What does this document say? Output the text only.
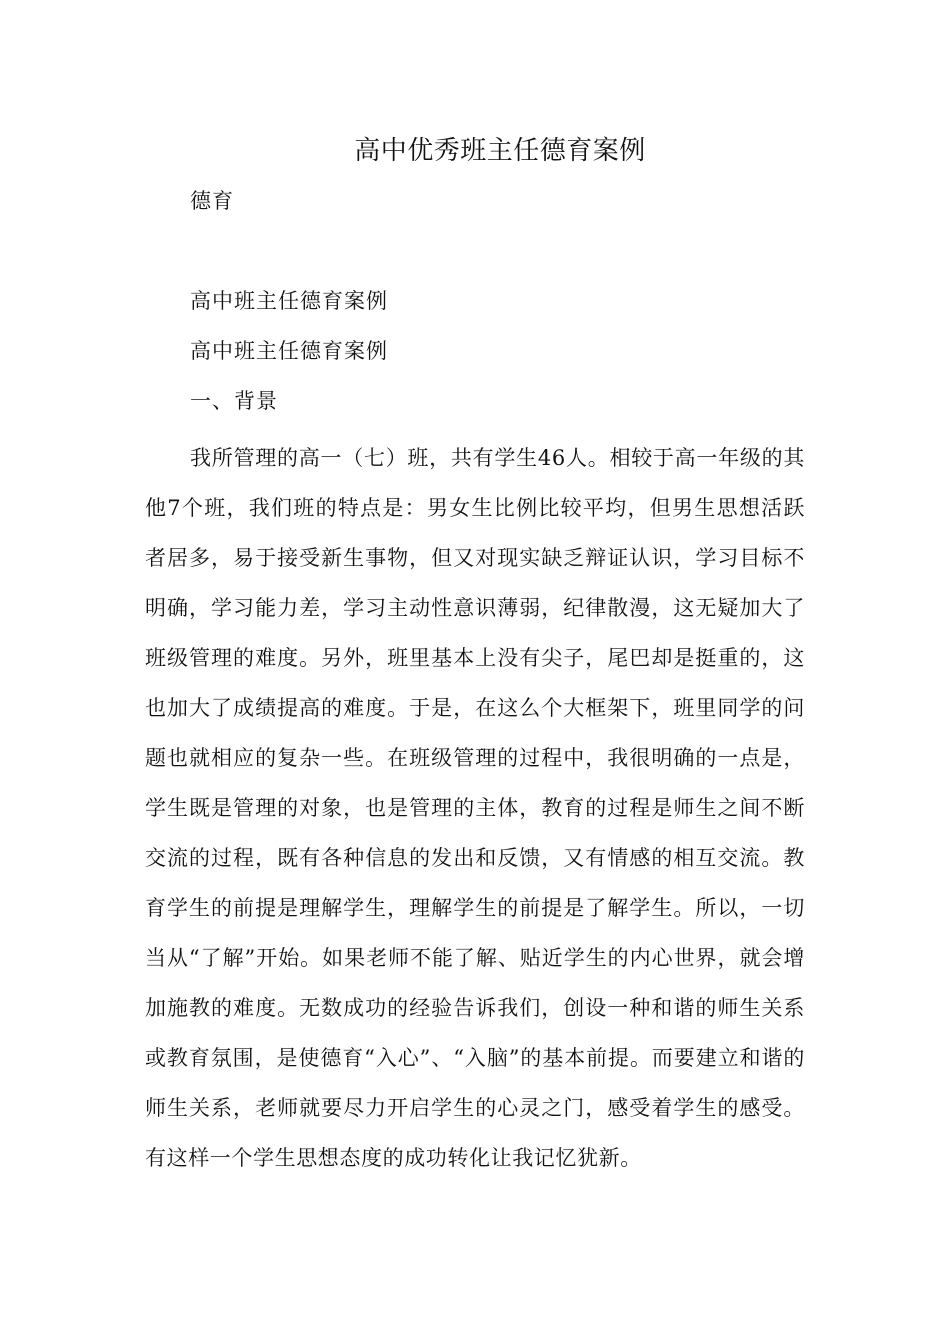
高中优秀班主任德育案例

德育

高中班主任德育案例

高中班主任德育案例

一、背景

我所管理的高一（七）班，共有学生46人。相较于高一年级的其他7个班，我们班的特点是：男女生比例比较平均，但男生思想活跃者居多，易于接受新生事物，但又对现实缺乏辩证认识，学习目标不明确，学习能力差，学习主动性意识薄弱，纪律散漫，这无疑加大了班级管理的难度。另外，班里基本上没有尖子，尾巴却是挺重的，这也加大了成绩提高的难度。于是，在这么个大框架下，班里同学的问题也就相应的复杂一些。在班级管理的过程中，我很明确的一点是，学生既是管理的对象，也是管理的主体，教育的过程是师生之间不断交流的过程，既有各种信息的发出和反馈，又有情感的相互交流。教育学生的前提是理解学生，理解学生的前提是了解学生。所以，一切当从“了解”开始。如果老师不能了解、贴近学生的内心世界，就会增加施教的难度。无数成功的经验告诉我们，创设一种和谐的师生关系或教育氛围，是使德育“入心”、“入脑”的基本前提。而要建立和谐的师生关系，老师就要尽力开启学生的心灵之门，感受着学生的感受。有这样一个学生思想态度的成功转化让我记忆犹新。
